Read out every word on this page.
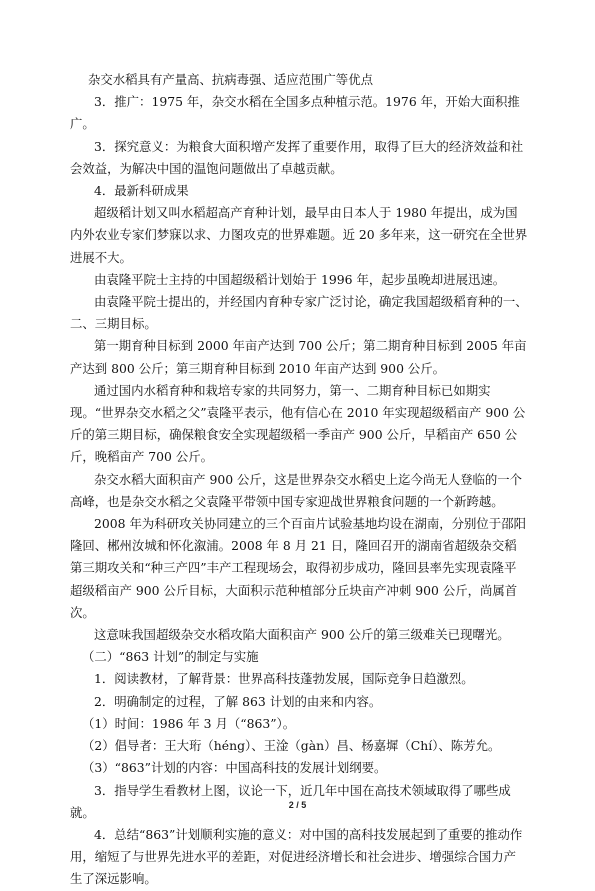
杂交水稻具有产量高、抗病毒强、适应范围广等优点

3．推广：1975 年，杂交水稻在全国多点种植示范。1976 年，开始大面积推广。

3．探究意义：为粮食大面积增产发挥了重要作用，取得了巨大的经济效益和社会效益，为解决中国的温饱问题做出了卓越贡献。

4．最新科研成果

超级稻计划又叫水稻超高产育种计划，最早由日本人于 1980 年提出，成为国内外农业专家们梦寐以求、力图攻克的世界难题。近 20 多年来，这一研究在全世界进展不大。

由袁隆平院士主持的中国超级稻计划始于 1996 年，起步虽晚却进展迅速。

由袁隆平院士提出的，并经国内育种专家广泛讨论，确定我国超级稻育种的一、二、三期目标。

第一期育种目标到 2000 年亩产达到 700 公斤；第二期育种目标到 2005 年亩产达到 800 公斤；第三期育种目标到 2010 年亩产达到 900 公斤。

通过国内水稻育种和栽培专家的共同努力，第一、二期育种目标已如期实现。“世界杂交水稻之父”袁隆平表示，他有信心在 2010 年实现超级稻亩产 900 公斤的第三期目标，确保粮食安全实现超级稻一季亩产 900 公斤，早稻亩产 650 公斤，晚稻亩产 700 公斤。

杂交水稻大面积亩产 900 公斤，这是世界杂交水稻史上迄今尚无人登临的一个高峰，也是杂交水稻之父袁隆平带领中国专家迎战世界粮食问题的一个新跨越。

2008 年为科研攻关协同建立的三个百亩片试验基地均设在湖南，分别位于邵阳隆回、郴州汝城和怀化溆浦。2008 年 8 月 21 日，隆回召开的湖南省超级杂交稻第三期攻关和“种三产四”丰产工程现场会，取得初步成功，隆回县率先实现袁隆平超级稻亩产 900 公斤目标，大面积示范种植部分丘块亩产冲刺 900 公斤，尚属首次。

这意味我国超级杂交水稻攻陷大面积亩产 900 公斤的第三级难关已现曙光。

（二）“863 计划”的制定与实施

1．阅读教材，了解背景：世界高科技蓬勃发展，国际竞争日趋激烈。

2．明确制定的过程，了解 863 计划的由来和内容。

（1）时间：1986 年 3 月（“863”）。

（2）倡导者：王大珩（héng）、王淦（gàn）昌、杨嘉墀（Chí）、陈芳允。

（3）“863”计划的内容：中国高科技的发展计划纲要。

3．指导学生看教材上图，议论一下，近几年中国在高技术领域取得了哪些成就。

4．总结“863”计划顺利实施的意义：对中国的高科技发展起到了重要的推动作用，缩短了与世界先进水平的差距，对促进经济增长和社会进步、增强综合国力产生了深远影响。

2 / 5
